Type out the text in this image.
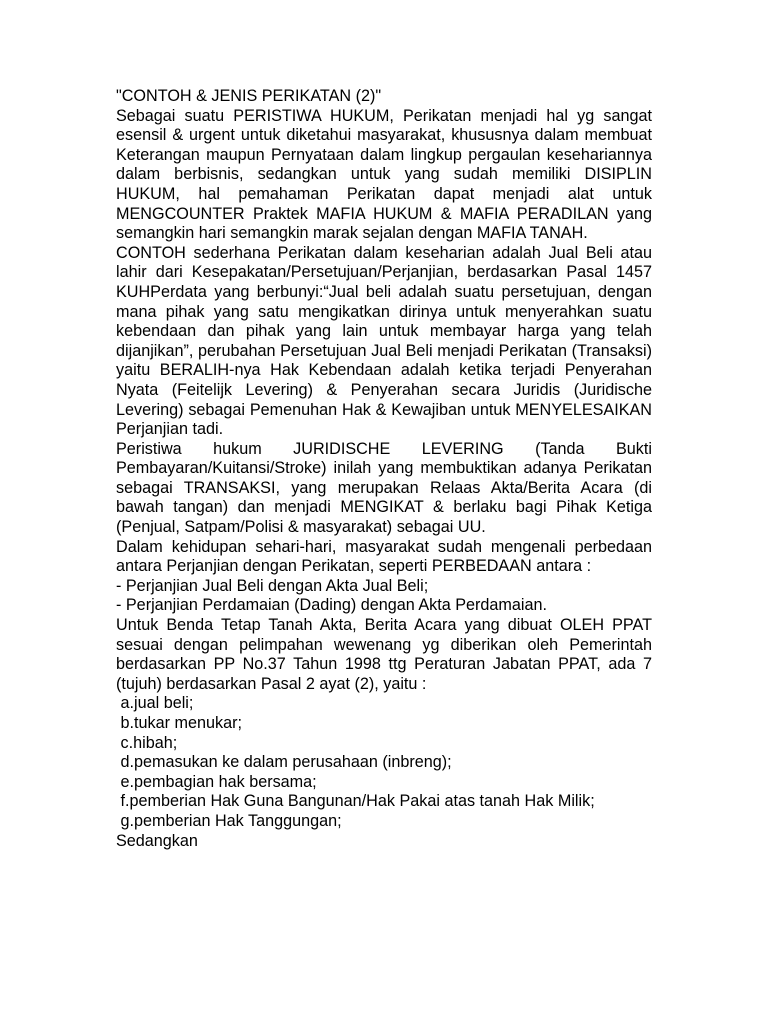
"CONTOH & JENIS PERIKATAN (2)"

Sebagai suatu PERISTIWA HUKUM, Perikatan menjadi hal yg sangat esensil & urgent untuk diketahui masyarakat, khususnya dalam membuat Keterangan maupun Pernyataan dalam lingkup pergaulan kesehariannya dalam berbisnis, sedangkan untuk yang sudah memiliki DISIPLIN HUKUM, hal pemahaman Perikatan dapat menjadi alat untuk MENGCOUNTER Praktek MAFIA HUKUM & MAFIA PERADILAN yang semangkin hari semangkin marak sejalan dengan MAFIA TANAH.

CONTOH sederhana Perikatan dalam keseharian adalah Jual Beli atau lahir dari Kesepakatan/Persetujuan/Perjanjian, berdasarkan Pasal 1457 KUHPerdata yang berbunyi:“Jual beli adalah suatu persetujuan, dengan mana pihak yang satu mengikatkan dirinya untuk menyerahkan suatu kebendaan dan pihak yang lain untuk membayar harga yang telah dijanjikan”, perubahan Persetujuan Jual Beli menjadi Perikatan (Transaksi) yaitu BERALIH-nya Hak Kebendaan adalah ketika terjadi Penyerahan Nyata (Feitelijk Levering) & Penyerahan secara Juridis (Juridische Levering) sebagai Pemenuhan Hak & Kewajiban untuk MENYELESAIKAN Perjanjian tadi.

Peristiwa hukum JURIDISCHE LEVERING (Tanda Bukti Pembayaran/Kuitansi/Stroke) inilah yang membuktikan adanya Perikatan sebagai TRANSAKSI, yang merupakan Relaas Akta/Berita Acara (di bawah tangan) dan menjadi MENGIKAT & berlaku bagi Pihak Ketiga (Penjual, Satpam/Polisi & masyarakat) sebagai UU.

Dalam kehidupan sehari-hari, masyarakat sudah mengenali perbedaan antara Perjanjian dengan Perikatan, seperti PERBEDAAN antara :

- Perjanjian Jual Beli dengan Akta Jual Beli;

- Perjanjian Perdamaian (Dading) dengan Akta Perdamaian.

Untuk Benda Tetap Tanah Akta, Berita Acara yang dibuat OLEH PPAT sesuai dengan pelimpahan wewenang yg diberikan oleh Pemerintah berdasarkan PP No.37 Tahun 1998 ttg Peraturan Jabatan PPAT, ada 7 (tujuh) berdasarkan Pasal 2 ayat (2), yaitu :

a.jual beli;

b.tukar menukar;

c.hibah;

d.pemasukan ke dalam perusahaan (inbreng);

e.pembagian hak bersama;

f.pemberian Hak Guna Bangunan/Hak Pakai atas tanah Hak Milik;

g.pemberian Hak Tanggungan;

Sedangkan
